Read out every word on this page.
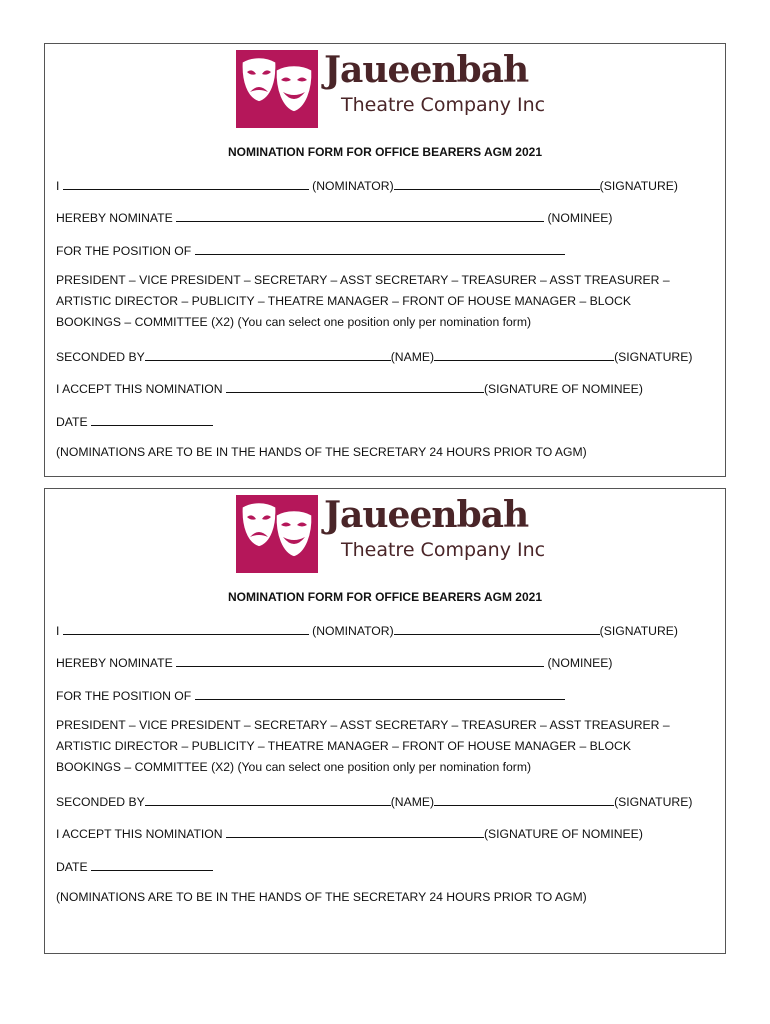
Jaueenbah
Theatre Company Inc
NOMINATION FORM FOR OFFICE BEARERS AGM 2021
I	(NOMINATOR)	(SIGNATURE)
HEREBY NOMINATE	(NOMINEE)
FOR THE POSITION OF
PRESIDENT – VICE PRESIDENT – SECRETARY – ASST SECRETARY – TREASURER – ASST TREASURER – ARTISTIC DIRECTOR – PUBLICITY – THEATRE MANAGER – FRONT OF HOUSE MANAGER – BLOCK BOOKINGS – COMMITTEE (X2) (You can select one position only per nomination form)
SECONDED BY	(NAME)	(SIGNATURE)
I ACCEPT THIS NOMINATION	(SIGNATURE OF NOMINEE)
DATE
(NOMINATIONS ARE TO BE IN THE HANDS OF THE SECRETARY 24 HOURS PRIOR TO AGM)
Jaueenbah
Theatre Company Inc
NOMINATION FORM FOR OFFICE BEARERS AGM 2021
I	(NOMINATOR)	(SIGNATURE)
HEREBY NOMINATE	(NOMINEE)
FOR THE POSITION OF
PRESIDENT – VICE PRESIDENT – SECRETARY – ASST SECRETARY – TREASURER – ASST TREASURER – ARTISTIC DIRECTOR – PUBLICITY – THEATRE MANAGER – FRONT OF HOUSE MANAGER – BLOCK BOOKINGS – COMMITTEE (X2) (You can select one position only per nomination form)
SECONDED BY	(NAME)	(SIGNATURE)
I ACCEPT THIS NOMINATION	(SIGNATURE OF NOMINEE)
DATE
(NOMINATIONS ARE TO BE IN THE HANDS OF THE SECRETARY 24 HOURS PRIOR TO AGM)
